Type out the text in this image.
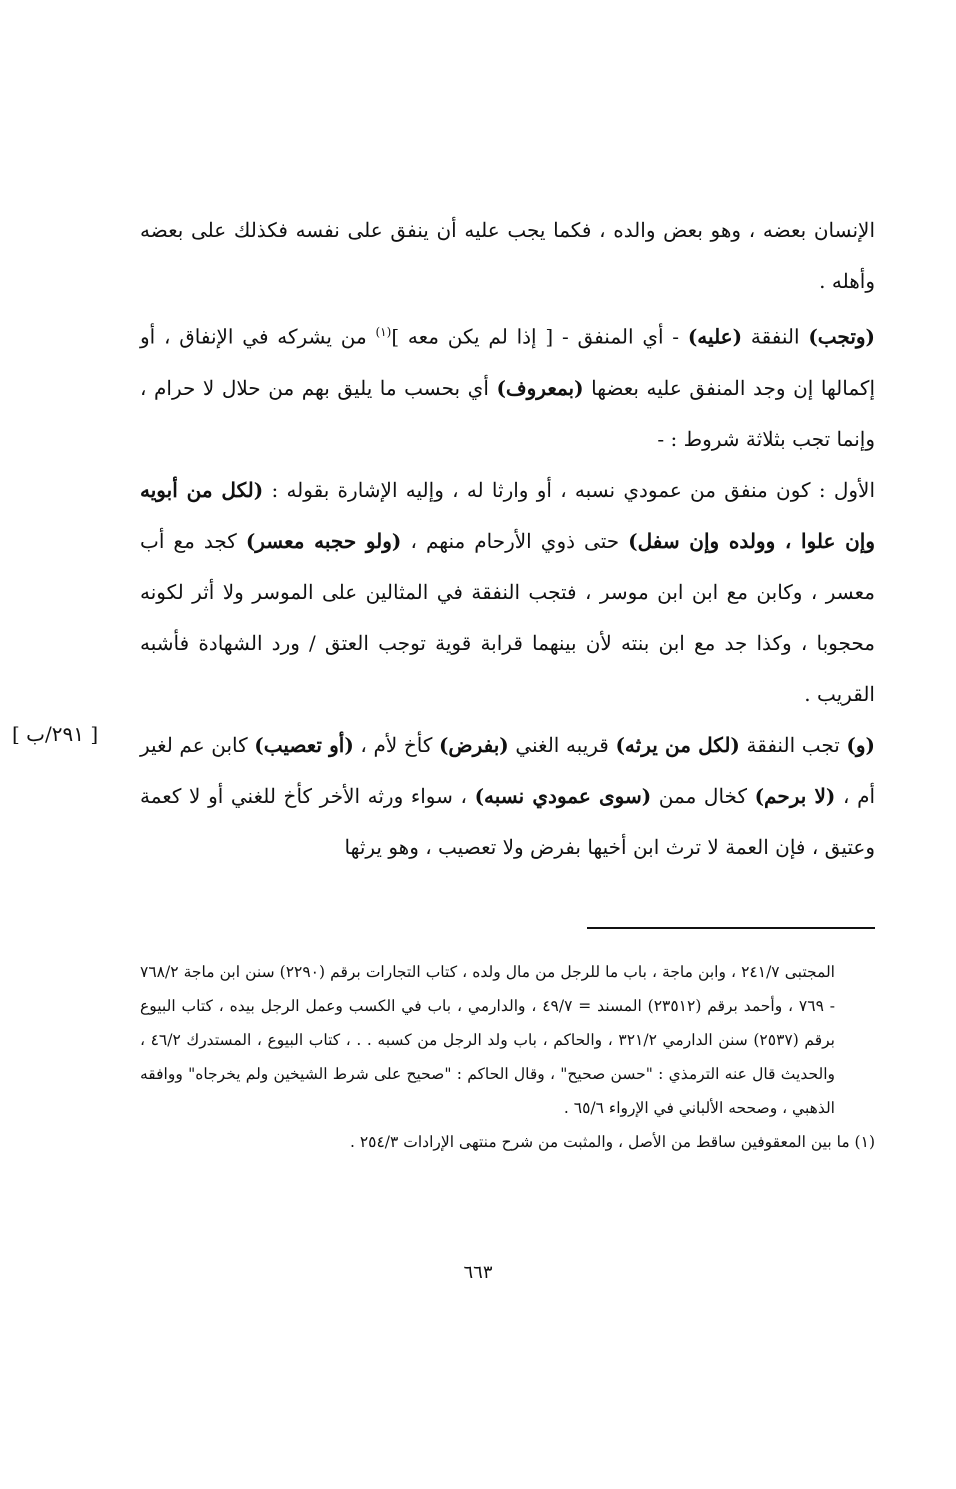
الإنسان بعضه ، وهو بعض والده ، فكما يجب عليه أن ينفق على نفسه فكذلك على بعضه وأهله .

(وتجب) النفقة (عليه) - أي المنفق - [ إذا لم يكن معه ]$^{(١)}$ من يشركه في الإنفاق ، أو إكمالها إن وجد المنفق عليه بعضها (بمعروف) أي بحسب ما يليق بهم من حلال لا حرام ، وإنما تجب بثلاثة شروط : -

الأول : كون منفق من عمودي نسبه ، أو وارثا له ، وإليه الإشارة بقوله : (لكل من أبويه وإن علوا ، وولده وإن سفل) حتى ذوي الأرحام منهم ، (ولو حجبه معسر) كجد مع أب معسر ، وكابن مع ابن ابن موسر ، فتجب النفقة في المثالين على الموسر ولا أثر لكونه محجوبا ، وكذا جد مع ابن بنته لأن بينهما قرابة قوية توجب العتق / ورد الشهادة فأشبه القريب .

(و) تجب النفقة (لكل من يرثه) قريبه الغني (بفرض) كأخ لأم ، (أو تعصيب) كابن عم لغير أم ، (لا برحم) كخال ممن (سوى عمودي نسبه) ، سواء ورثه الأخر كأخ للغني أو لا كعمة وعتيق ، فإن العمة لا ترث ابن أخيها بفرض ولا تعصيب ، وهو يرثها

[ ٢٩١/ب ]

المجتبى ٢٤١/٧ ، وابن ماجة ، باب ما للرجل من مال ولده ، كتاب التجارات برقم (٢٢٩٠) سنن ابن ماجة ٧٦٨/٢ - ٧٦٩ ، وأحمد برقم (٢٣٥١٢) المسند = ٤٩/٧ ، والدارمي ، باب في الكسب وعمل الرجل بيده ، كتاب البيوع برقم (٢٥٣٧) سنن الدارمي ٣٢١/٢ ، والحاكم ، باب ولد الرجل من كسبه . . ، كتاب البيوع ، المستدرك ٤٦/٢ ، والحديث قال عنه الترمذي : "حسن صحيح" ، وقال الحاكم : "صحيح على شرط الشيخين ولم يخرجاه" ووافقه الذهبي ، وصححه الألباني في الإرواء ٦٥/٦ .

(١) ما بين المعقوفين ساقط من الأصل ، والمثبت من شرح منتهى الإرادات ٢٥٤/٣ .

٦٦٣
